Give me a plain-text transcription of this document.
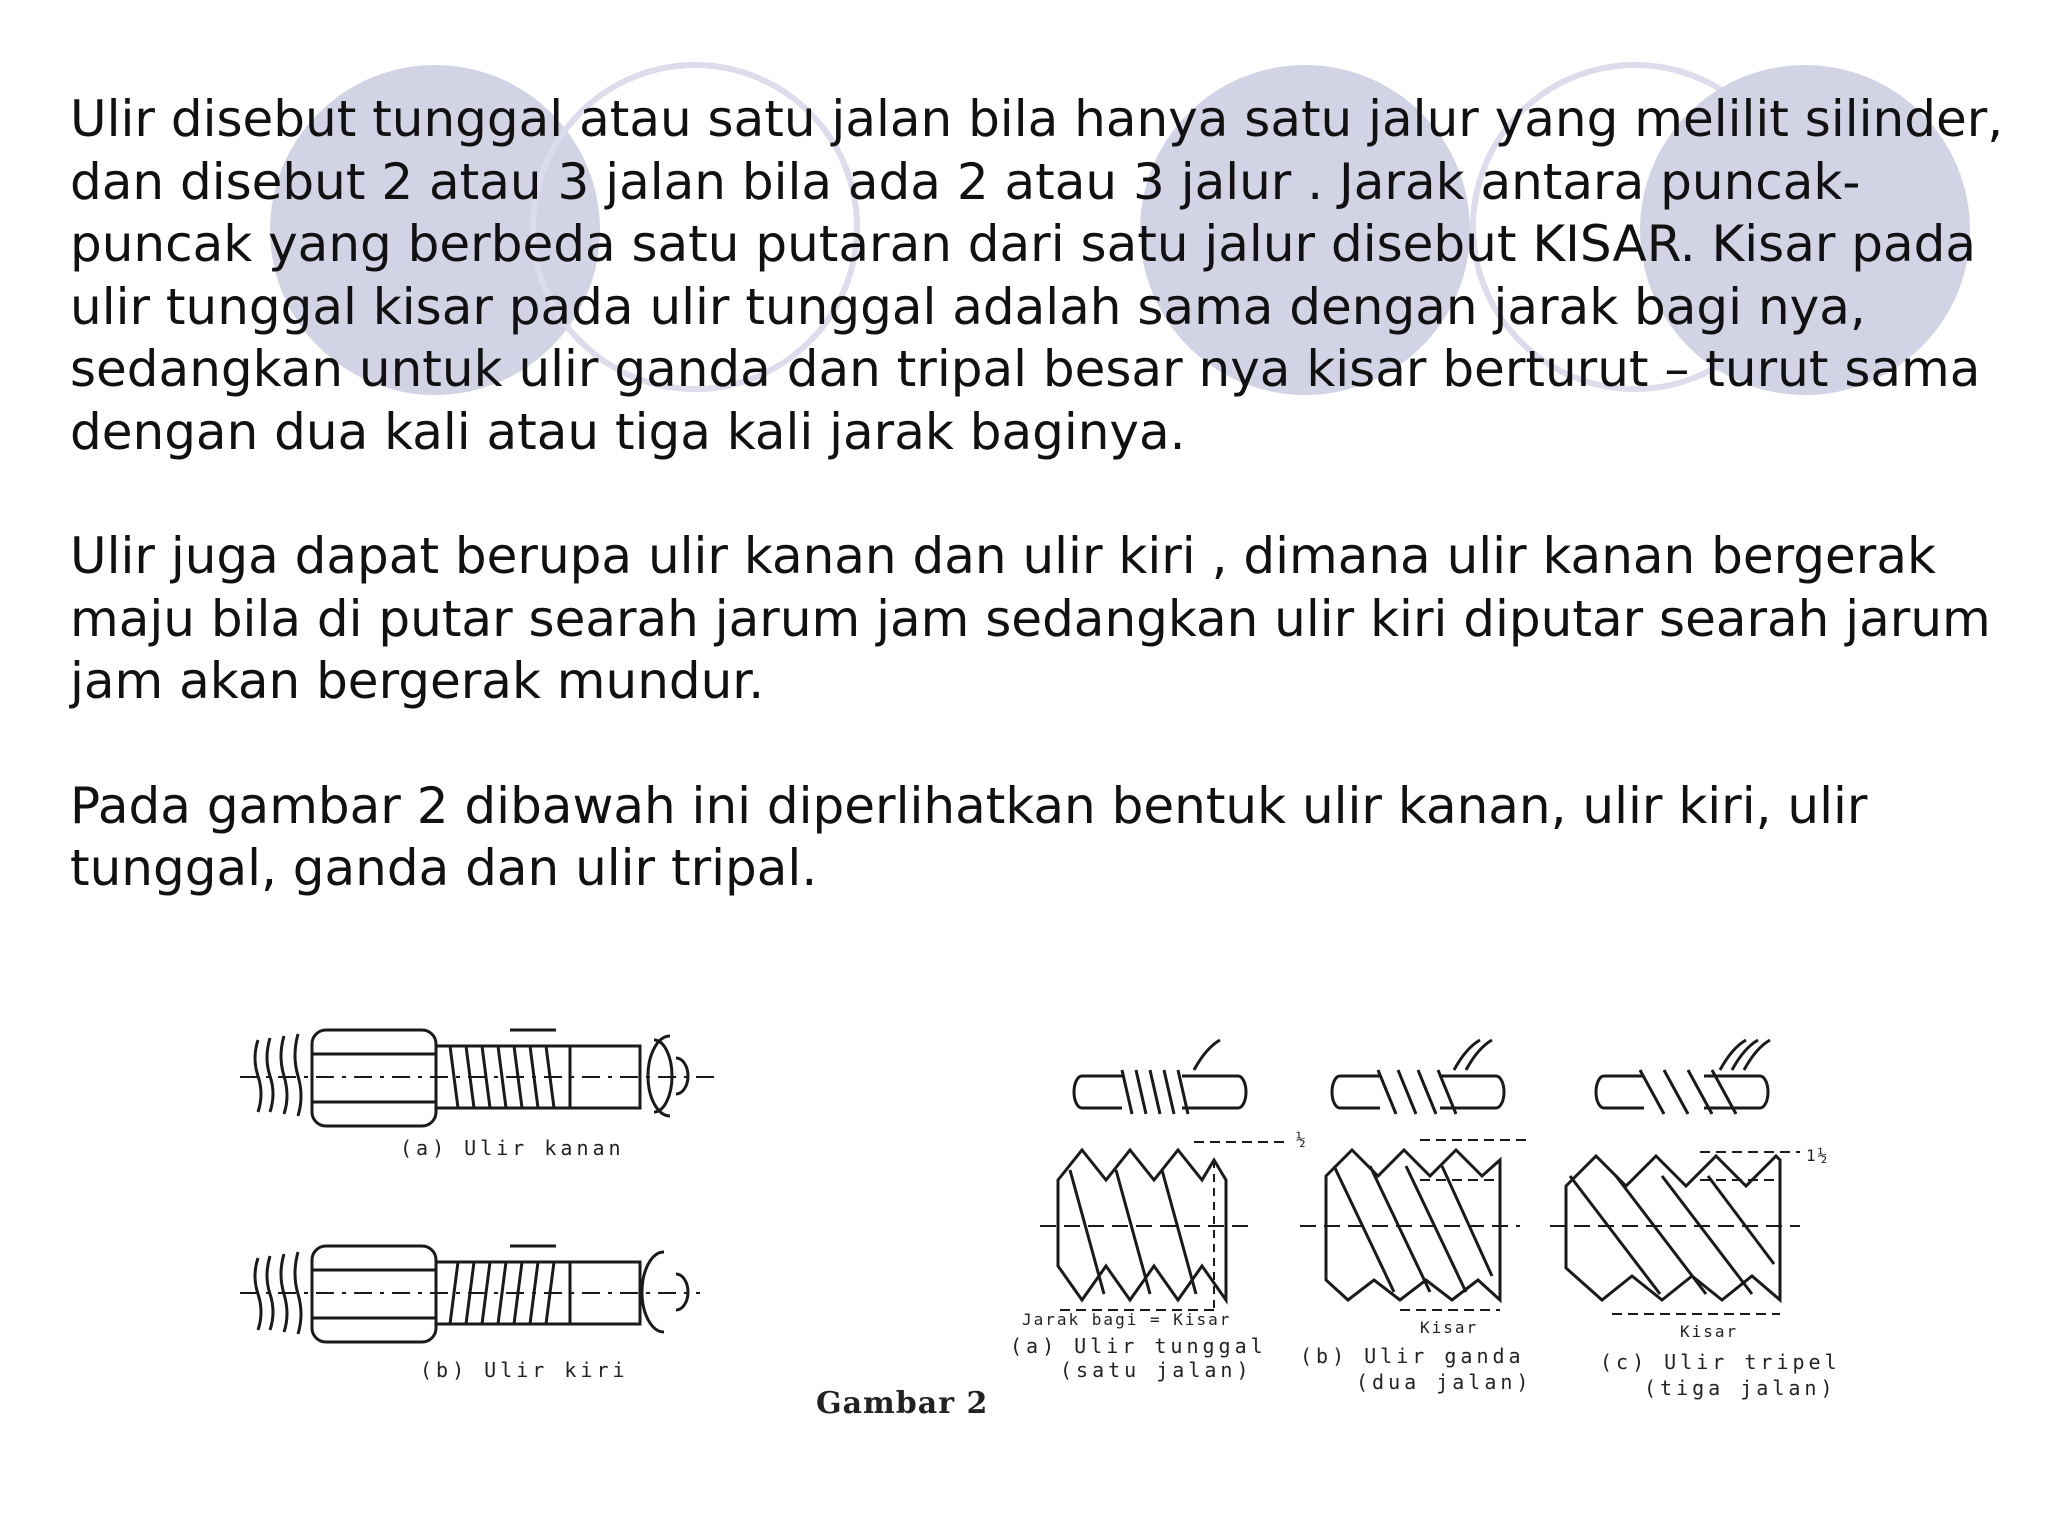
Ulir disebut tunggal atau satu jalan bila hanya satu jalur yang melilit silinder,
dan disebut 2 atau 3 jalan bila ada 2 atau 3 jalur . Jarak antara puncak-
puncak yang berbeda satu putaran dari satu jalur disebut KISAR. Kisar pada
ulir tunggal kisar pada ulir tunggal adalah sama dengan jarak bagi nya,
sedangkan untuk ulir ganda dan tripal besar nya kisar berturut – turut sama
dengan dua kali atau tiga kali jarak baginya.
Ulir juga dapat berupa ulir kanan dan ulir kiri , dimana ulir kanan bergerak
maju bila di putar searah jarum jam sedangkan ulir kiri diputar searah jarum
jam akan bergerak mundur.
Pada gambar 2 dibawah ini diperlihatkan bentuk ulir kanan, ulir kiri, ulir
tunggal, ganda dan ulir tripal.
(a) Ulir kanan
(b) Ulir kiri
Jarak bagi = Kisar
(a) Ulir tunggal
(satu jalan)
Kisar
(b) Ulir ganda
(dua jalan)
Kisar
(c) Ulir tripel
(tiga jalan)
½
1½
Gambar 2
